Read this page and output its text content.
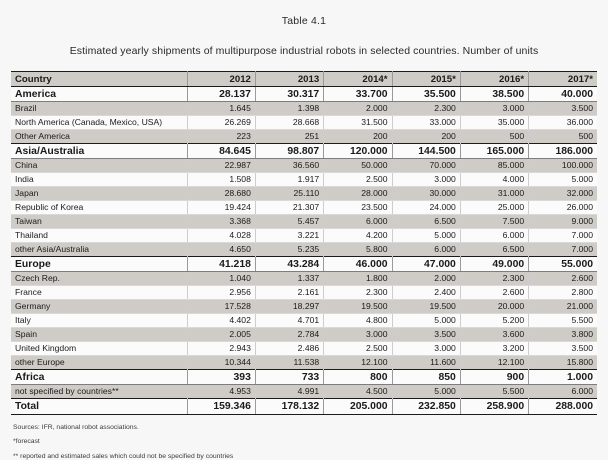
Table 4.1
Estimated yearly shipments of multipurpose industrial robots in selected countries. Number of units
Country	2012	2013	2014*	2015*	2016*	2017*
America	28.137	30.317	33.700	35.500	38.500	40.000
Brazil	1.645	1.398	2.000	2.300	3.000	3.500
North America (Canada, Mexico, USA)	26.269	28.668	31.500	33.000	35.000	36.000
Other America	223	251	200	200	500	500
Asia/Australia	84.645	98.807	120.000	144.500	165.000	186.000
China	22.987	36.560	50.000	70.000	85.000	100.000
India	1.508	1.917	2.500	3.000	4.000	5.000
Japan	28.680	25.110	28.000	30.000	31.000	32.000
Republic of Korea	19.424	21.307	23.500	24.000	25.000	26.000
Taiwan	3.368	5.457	6.000	6.500	7.500	9.000
Thailand	4.028	3.221	4.200	5.000	6.000	7.000
other Asia/Australia	4.650	5.235	5.800	6.000	6.500	7.000
Europe	41.218	43.284	46.000	47.000	49.000	55.000
Czech Rep.	1.040	1.337	1.800	2.000	2.300	2.600
France	2.956	2.161	2.300	2.400	2.600	2.800
Germany	17.528	18.297	19.500	19.500	20.000	21.000
Italy	4.402	4.701	4.800	5.000	5.200	5.500
Spain	2.005	2.784	3.000	3.500	3.600	3.800
United Kingdom	2.943	2.486	2.500	3.000	3.200	3.500
other Europe	10.344	11.538	12.100	11.600	12.100	15.800
Africa	393	733	800	850	900	1.000
not specified by countries**	4.953	4.991	4.500	5.000	5.500	6.000
Total	159.346	178.132	205.000	232.850	258.900	288.000
Sources: IFR, national robot associations.
*forecast
** reported and estimated sales which could not be specified by countries
